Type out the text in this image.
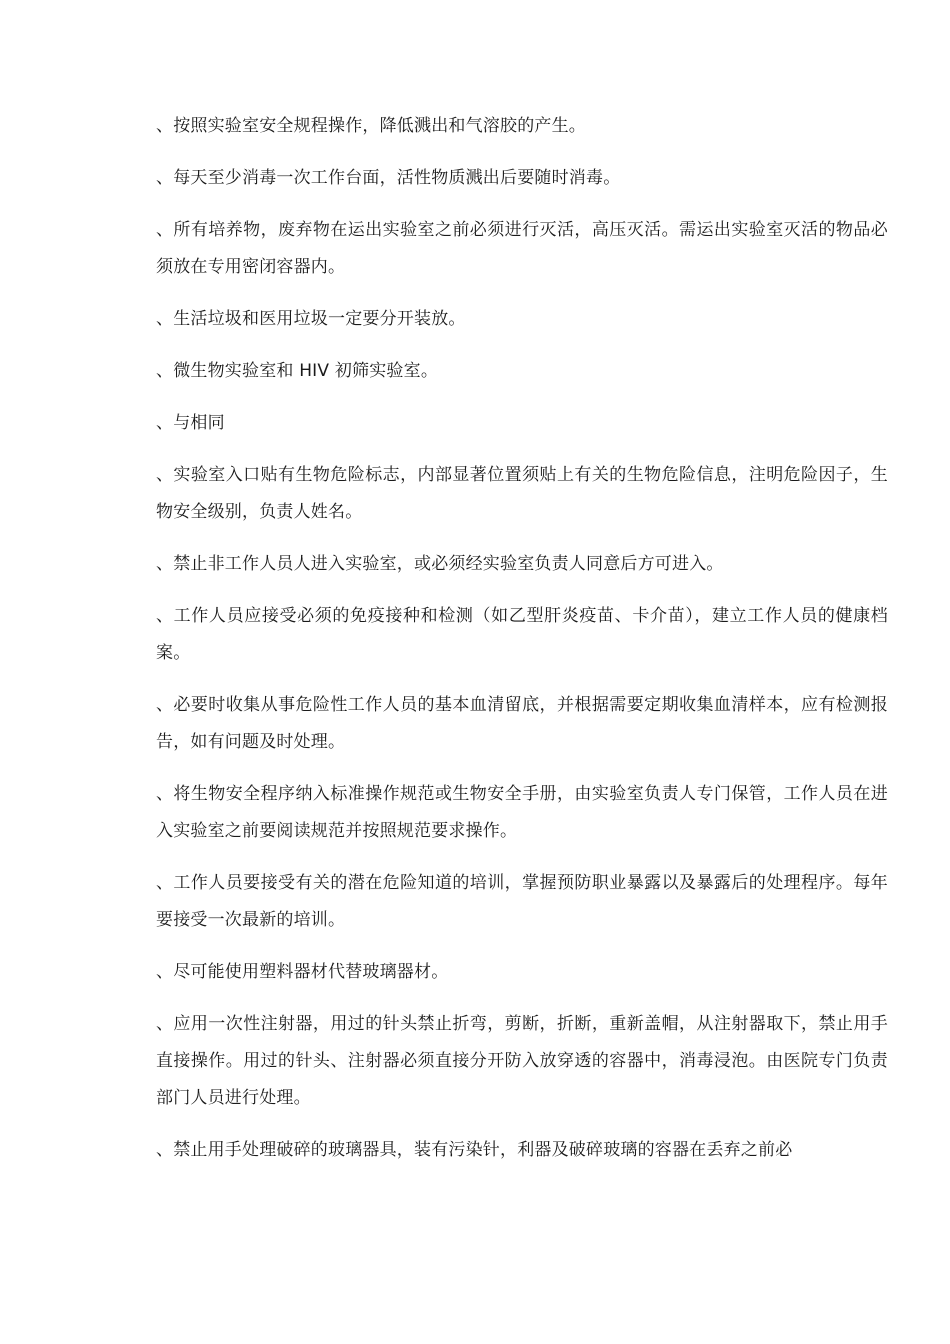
、按照实验室安全规程操作，降低溅出和气溶胶的产生。

、每天至少消毒一次工作台面，活性物质溅出后要随时消毒。

、所有培养物，废弃物在运出实验室之前必须进行灭活，高压灭活。需运出实验室灭活的物品必须放在专用密闭容器内。

、生活垃圾和医用垃圾一定要分开装放。

、微生物实验室和 HIV 初筛实验室。

、与相同

、实验室入口贴有生物危险标志，内部显著位置须贴上有关的生物危险信息，注明危险因子，生物安全级别，负责人姓名。

、禁止非工作人员人进入实验室，或必须经实验室负责人同意后方可进入。

、工作人员应接受必须的免疫接种和检测（如乙型肝炎疫苗、卡介苗），建立工作人员的健康档案。

、必要时收集从事危险性工作人员的基本血清留底，并根据需要定期收集血清样本，应有检测报告，如有问题及时处理。

、将生物安全程序纳入标准操作规范或生物安全手册，由实验室负责人专门保管，工作人员在进入实验室之前要阅读规范并按照规范要求操作。

、工作人员要接受有关的潜在危险知道的培训，掌握预防职业暴露以及暴露后的处理程序。每年要接受一次最新的培训。

、尽可能使用塑料器材代替玻璃器材。

、应用一次性注射器，用过的针头禁止折弯，剪断，折断，重新盖帽，从注射器取下，禁止用手直接操作。用过的针头、注射器必须直接分开防入放穿透的容器中，消毒浸泡。由医院专门负责部门人员进行处理。

、禁止用手处理破碎的玻璃器具，装有污染针，利器及破碎玻璃的容器在丢弃之前必
